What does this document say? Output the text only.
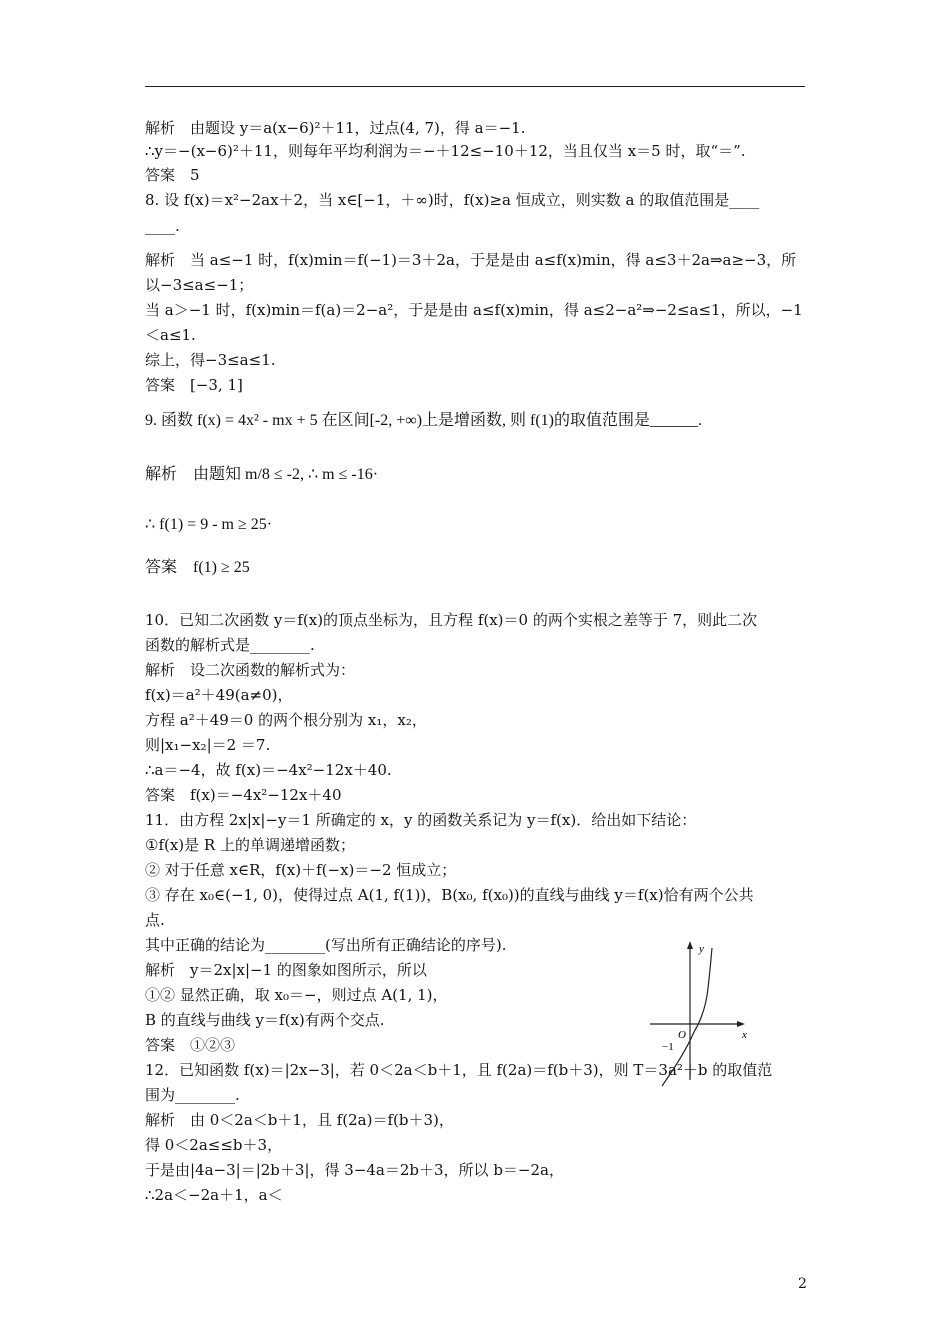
解析　由题设 y＝a(x−6)²＋11，过点(4, 7)，得 a＝−1.
∴y＝−(x−6)²＋11，则每年平均利润为＝−＋12≤−10＋12，当且仅当 x＝5 时，取“＝”.
答案　5
8. 设 f(x)＝x²−2ax＋2，当 x∈[−1，＋∞)时，f(x)≥a 恒成立，则实数 a 的取值范围是____
____.
解析　当 a≤−1 时，f(x)min＝f(−1)＝3＋2a，于是是由 a≤f(x)min，得 a≤3＋2a⇒a≥−3，所
以−3≤a≤−1；
当 a＞−1 时，f(x)min＝f(a)＝2−a²，于是是由 a≤f(x)min，得 a≤2−a²⇒−2≤a≤1，所以，−1
＜a≤1.
综上，得−3≤a≤1.
答案　[−3, 1]
9. 函数 f(x) = 4x² - mx + 5 在区间[-2, +∞)上是增函数, 则 f(1)的取值范围是______.
解析　由题知 m/8 ≤ -2, ∴ m ≤ -16·
∴ f(1) = 9 - m ≥ 25·
答案　f(1) ≥ 25
10．已知二次函数 y＝f(x)的顶点坐标为，且方程 f(x)＝0 的两个实根之差等于 7，则此二次
函数的解析式是________.
解析　设二次函数的解析式为：
f(x)＝a²＋49(a≠0)，
方程 a²＋49＝0 的两个根分别为 x₁，x₂，
则|x₁−x₂|＝2 ＝7.
∴a＝−4，故 f(x)＝−4x²−12x＋40.
答案　f(x)＝−4x²−12x＋40
11．由方程 2x|x|−y＝1 所确定的 x，y 的函数关系记为 y＝f(x)．给出如下结论：
①f(x)是 R 上的单调递增函数；
② 对于任意 x∈R，f(x)＋f(−x)＝−2 恒成立；
③ 存在 x₀∈(−1, 0)，使得过点 A(1, f(1))，B(x₀, f(x₀))的直线与曲线 y＝f(x)恰有两个公共
点.
其中正确的结论为________(写出所有正确结论的序号).
解析　y＝2x|x|−1 的图象如图所示，所以
①② 显然正确，取 x₀＝−，则过点 A(1, 1)，
B 的直线与曲线 y＝f(x)有两个交点.
答案　①②③
12．已知函数 f(x)＝|2x−3|，若 0＜2a＜b＋1，且 f(2a)＝f(b＋3)，则 T＝3a²＋b 的取值范
围为________.
解析　由 0＜2a＜b＋1，且 f(2a)＝f(b＋3)，
得 0＜2a≤≤b＋3，
于是由|4a−3|＝|2b＋3|，得 3−4a＝2b＋3，所以 b＝−2a，
∴2a＜−2a＋1，a＜
y
x
O
−1
2
